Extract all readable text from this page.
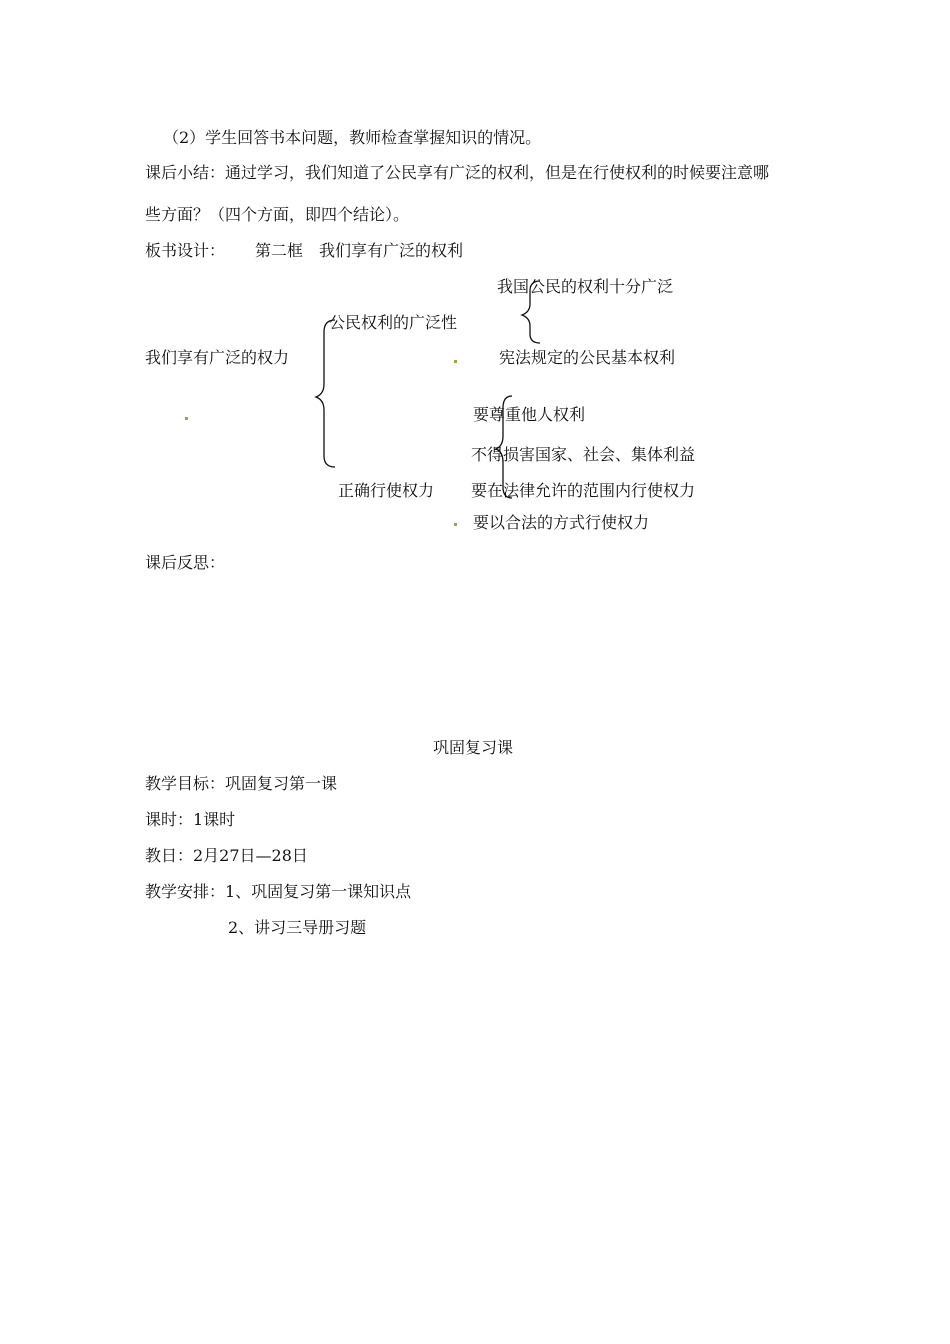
（2）学生回答书本问题，教师检查掌握知识的情况。
课后小结：通过学习，我们知道了公民享有广泛的权利，但是在行使权利的时候要注意哪
些方面？（四个方面，即四个结论）。
板书设计： 第二框　我们享有广泛的权利
我们享有广泛的权力
公民权利的广泛性
我国公民的权利十分广泛
宪法规定的公民基本权利
正确行使权力
要尊重他人权利
不得损害国家、社会、集体利益
要在法律允许的范围内行使权力
要以合法的方式行使权力
课后反思：
巩固复习课
教学目标：巩固复习第一课
课时：1课时
教日：2月27日—28日
教学安排：1、巩固复习第一课知识点
2、讲习三导册习题
